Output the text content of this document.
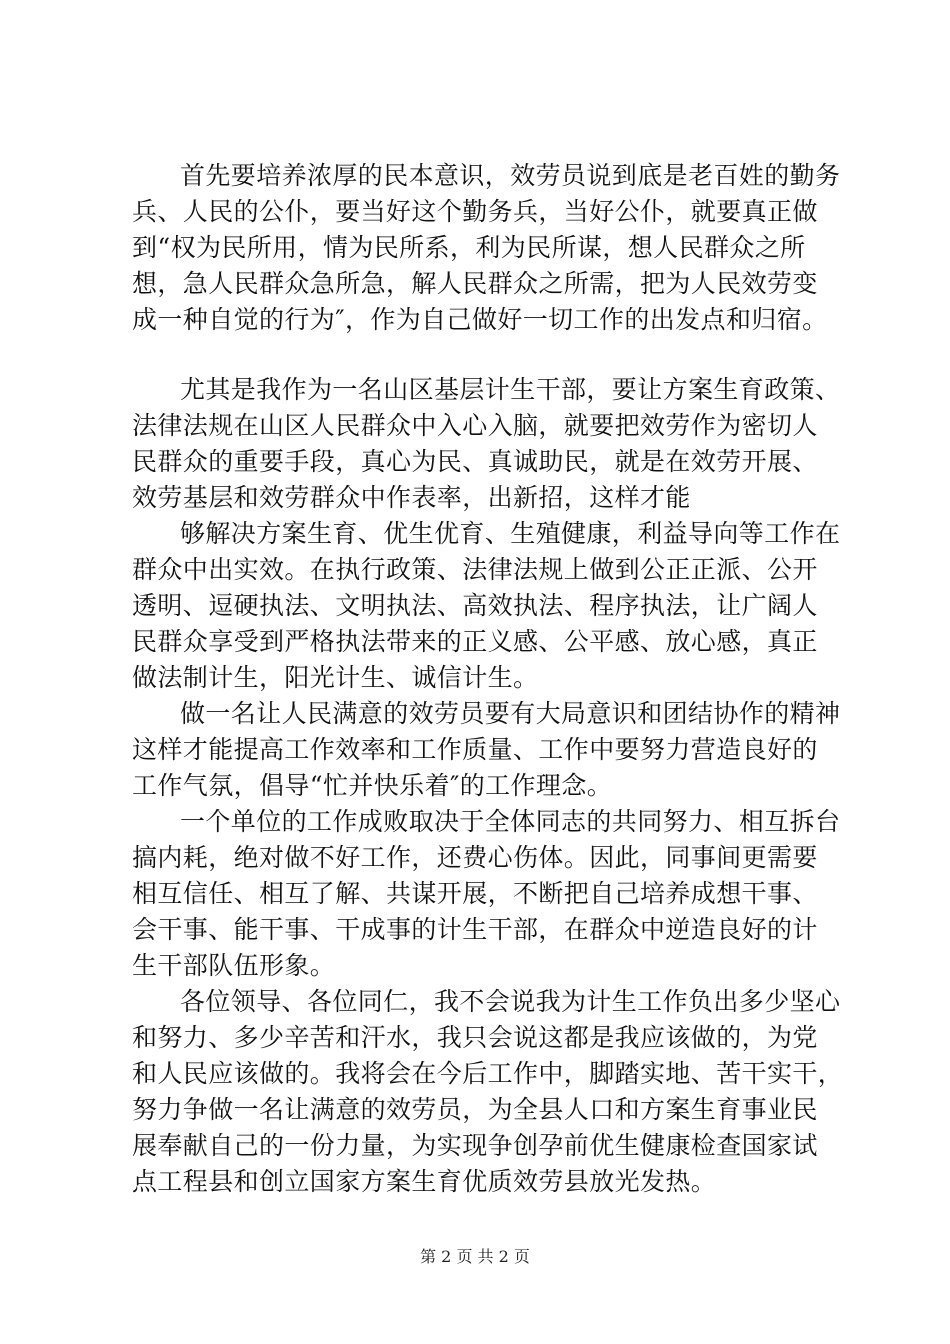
首先要培养浓厚的民本意识，效劳员说到底是老百姓的勤务
兵、人民的公仆，要当好这个勤务兵，当好公仆，就要真正做
到“权为民所用，情为民所系，利为民所谋，想人民群众之所
想，急人民群众急所急，解人民群众之所需，把为人民效劳变
成一种自觉的行为″，作为自己做好一切工作的出发点和归宿。
尤其是我作为一名山区基层计生干部，要让方案生育政策、
法律法规在山区人民群众中入心入脑，就要把效劳作为密切人
民群众的重要手段，真心为民、真诚助民，就是在效劳开展、
效劳基层和效劳群众中作表率，出新招，这样才能
够解决方案生育、优生优育、生殖健康，利益导向等工作在
群众中出实效。在执行政策、法律法规上做到公正正派、公开
透明、逗硬执法、文明执法、高效执法、程序执法，让广阔人
民群众享受到严格执法带来的正义感、公平感、放心感，真正
做法制计生，阳光计生、诚信计生。
做一名让人民满意的效劳员要有大局意识和团结协作的精神
这样才能提高工作效率和工作质量、工作中要努力营造良好的
工作气氛，倡导“忙并快乐着″的工作理念。
一个单位的工作成败取决于全体同志的共同努力、相互拆台
搞内耗，绝对做不好工作，还费心伤体。因此，同事间更需要
相互信任、相互了解、共谋开展，不断把自己培养成想干事、
会干事、能干事、干成事的计生干部，在群众中逆造良好的计
生干部队伍形象。
各位领导、各位同仁，我不会说我为计生工作负出多少坚心
和努力、多少辛苦和汗水，我只会说这都是我应该做的，为党
和人民应该做的。我将会在今后工作中，脚踏实地、苦干实干，
努力争做一名让满意的效劳员，为全县人口和方案生育事业民
展奉献自己的一份力量，为实现争创孕前优生健康检查国家试
点工程县和创立国家方案生育优质效劳县放光发热。
第 2 页 共 2 页
